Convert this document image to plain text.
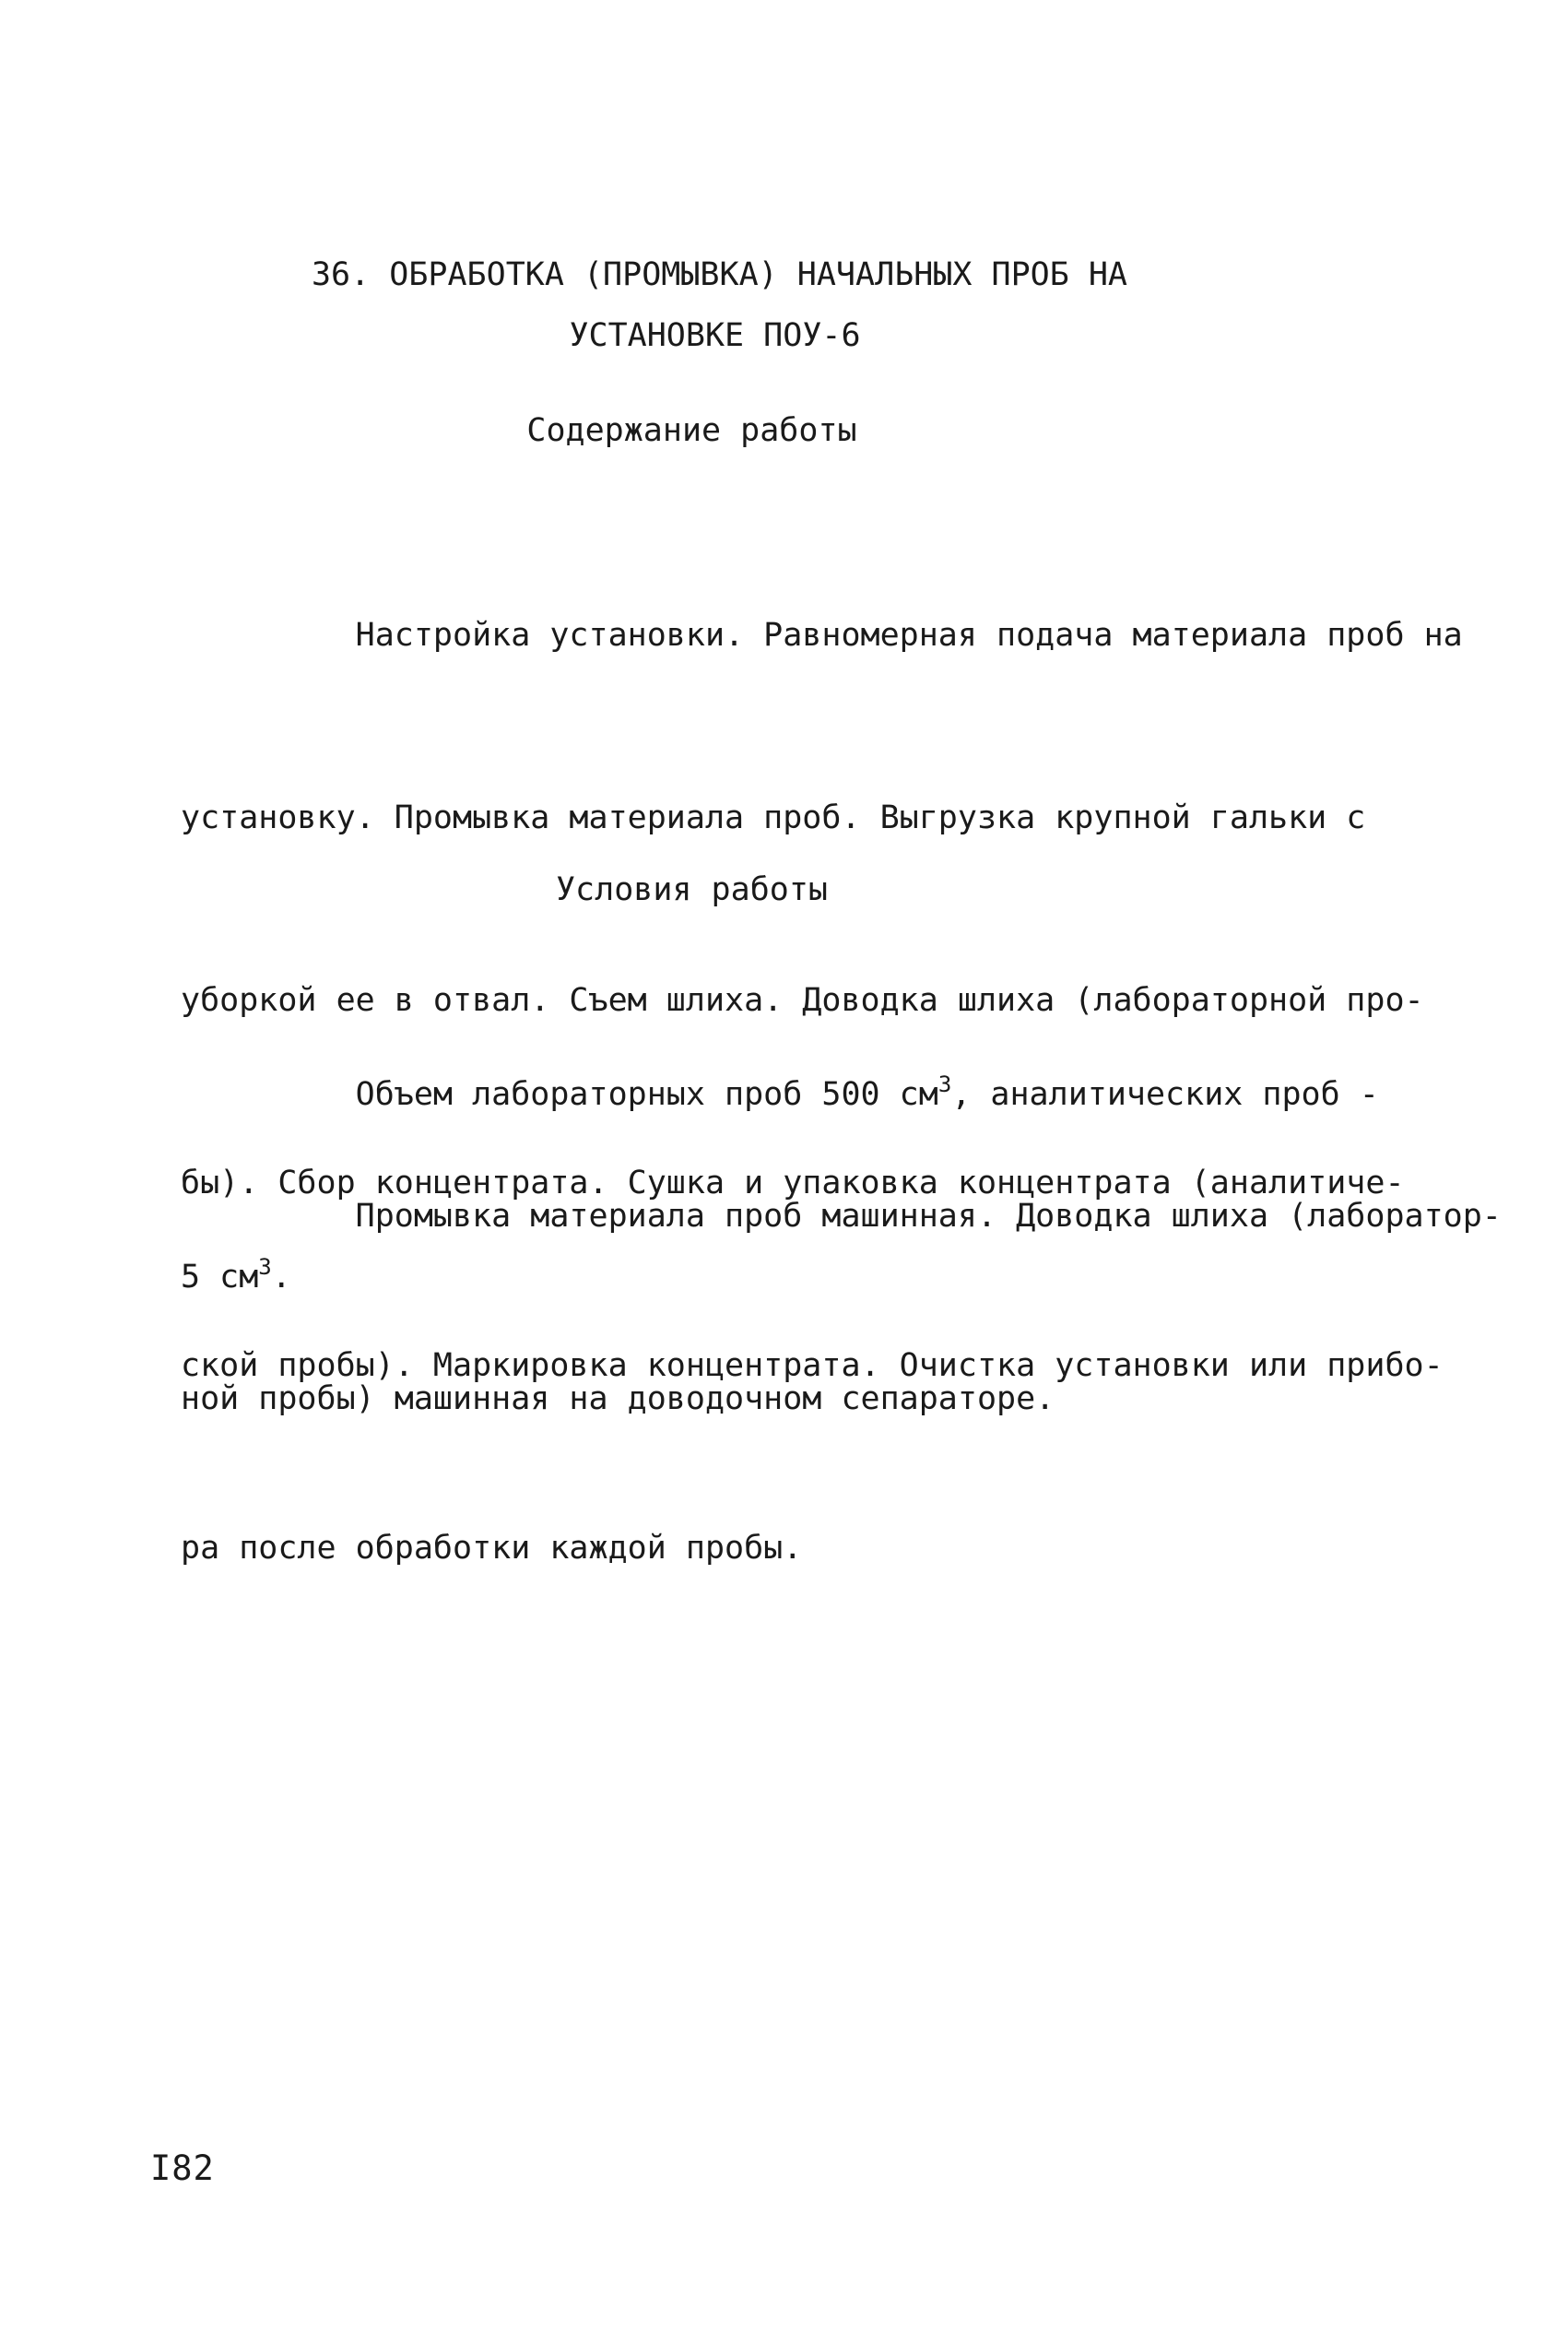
36. ОБРАБОТКА (ПРОМЫВКА) НАЧАЛЬНЫХ ПРОБ НА
УСТАНОВКЕ ПОУ-6
Содержание работы

Настройка установки. Равномерная подача материала проб на

установку. Промывка материала проб. Выгрузка крупной гальки с

уборкой ее в отвал. Съем шлиха. Доводка шлиха (лабораторной про-

бы). Сбор концентрата. Сушка и упаковка концентрата (аналитиче-

ской пробы). Маркировка концентрата. Очистка установки или прибо-

ра после обработки каждой пробы.

Условия работы

Объем лабораторных проб 500 $см^3$, аналитических проб -

5 $см^3$.

Промывка материала проб машинная. Доводка шлиха (лаборатор-

ной пробы) машинная на доводочном сепараторе.

I82
